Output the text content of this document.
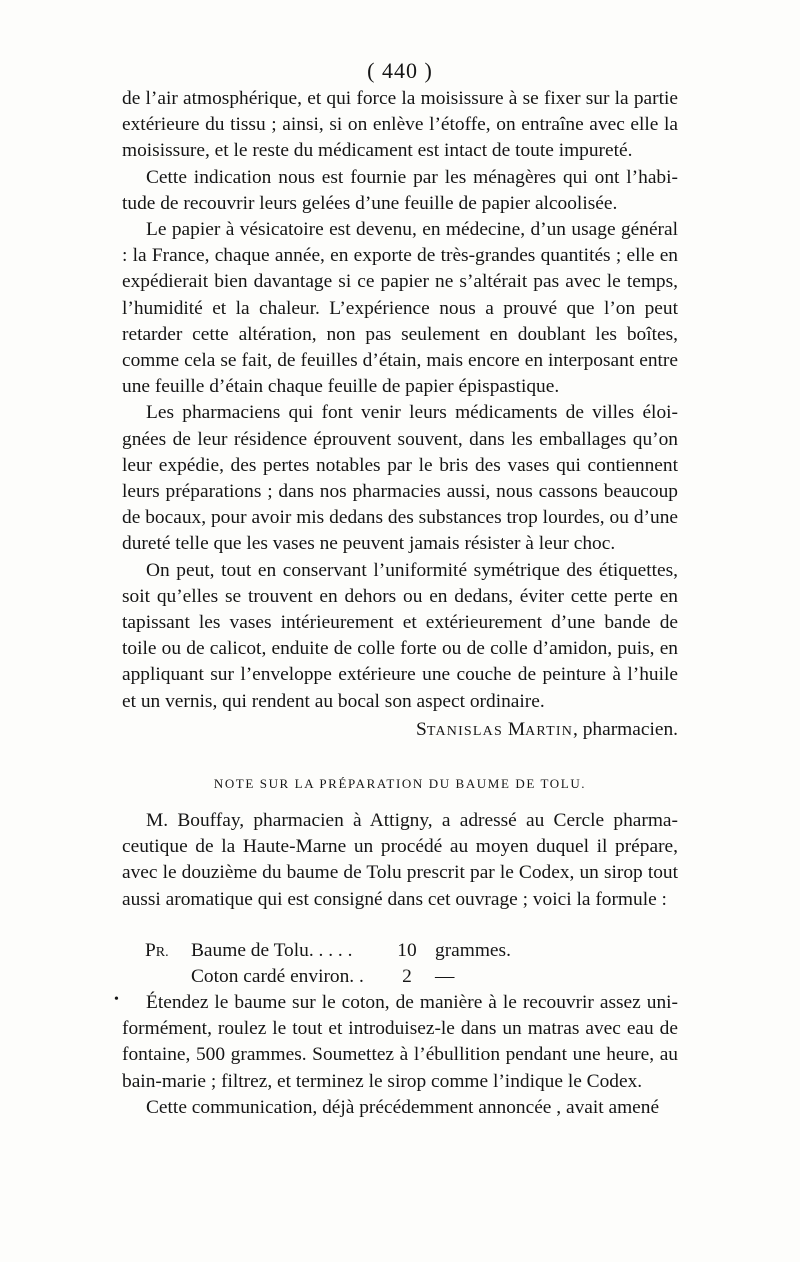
( 440 )

de l’air atmosphérique, et qui force la moisissure à se fixer sur la partie extérieure du tissu ; ainsi, si on enlève l’étoffe, on entraîne avec elle la moisissure, et le reste du médicament est intact de toute impureté.

Cette indication nous est fournie par les ménagères qui ont l’habitude de recouvrir leurs gelées d’une feuille de papier alcoolisée.

Le papier à vésicatoire est devenu, en médecine, d’un usage général : la France, chaque année, en exporte de très-grandes quantités ; elle en expédierait bien davantage si ce papier ne s’altérait pas avec le temps, l’humidité et la chaleur. L’expérience nous a prouvé que l’on peut retarder cette altération, non pas seulement en doublant les boîtes, comme cela se fait, de feuilles d’étain, mais encore en interposant entre une feuille d’étain chaque feuille de papier épispastique.

Les pharmaciens qui font venir leurs médicaments de villes éloignées de leur résidence éprouvent souvent, dans les emballages qu’on leur expédie, des pertes notables par le bris des vases qui contiennent leurs préparations ; dans nos pharmacies aussi, nous cassons beaucoup de bocaux, pour avoir mis dedans des substances trop lourdes, ou d’une dureté telle que les vases ne peuvent jamais résister à leur choc.

On peut, tout en conservant l’uniformité symétrique des étiquettes, soit qu’elles se trouvent en dehors ou en dedans, éviter cette perte en tapissant les vases intérieurement et extérieurement d’une bande de toile ou de calicot, enduite de colle forte ou de colle d’amidon, puis, en appliquant sur l’enveloppe extérieure une couche de peinture à l’huile et un vernis, qui rendent au bocal son aspect ordinaire.

STANISLAS MARTIN, pharmacien.
NOTE SUR LA PRÉPARATION DU BAUME DE TOLU.

M. Bouffay, pharmacien à Attigny, a adressé au Cercle pharmaceutique de la Haute-Marne un procédé au moyen duquel il prépare, avec le douzième du baume de Tolu prescrit par le Codex, un sirop tout aussi aromatique qui est consigné dans cet ouvrage ; voici la formule :

PR. Baume de Tolu. . . . . 10 grammes.
Coton cardé environ. . 2 —
•	Étendez le baume sur le coton, de manière à le recouvrir assez uniformément, roulez le tout et introduisez-le dans un matras avec eau de fontaine, 500 grammes. Soumettez à l’ébullition pendant une heure, au bain-marie ; filtrez, et terminez le sirop comme l’indique le Codex.

Cette communication, déjà précédemment annoncée , avait amené
